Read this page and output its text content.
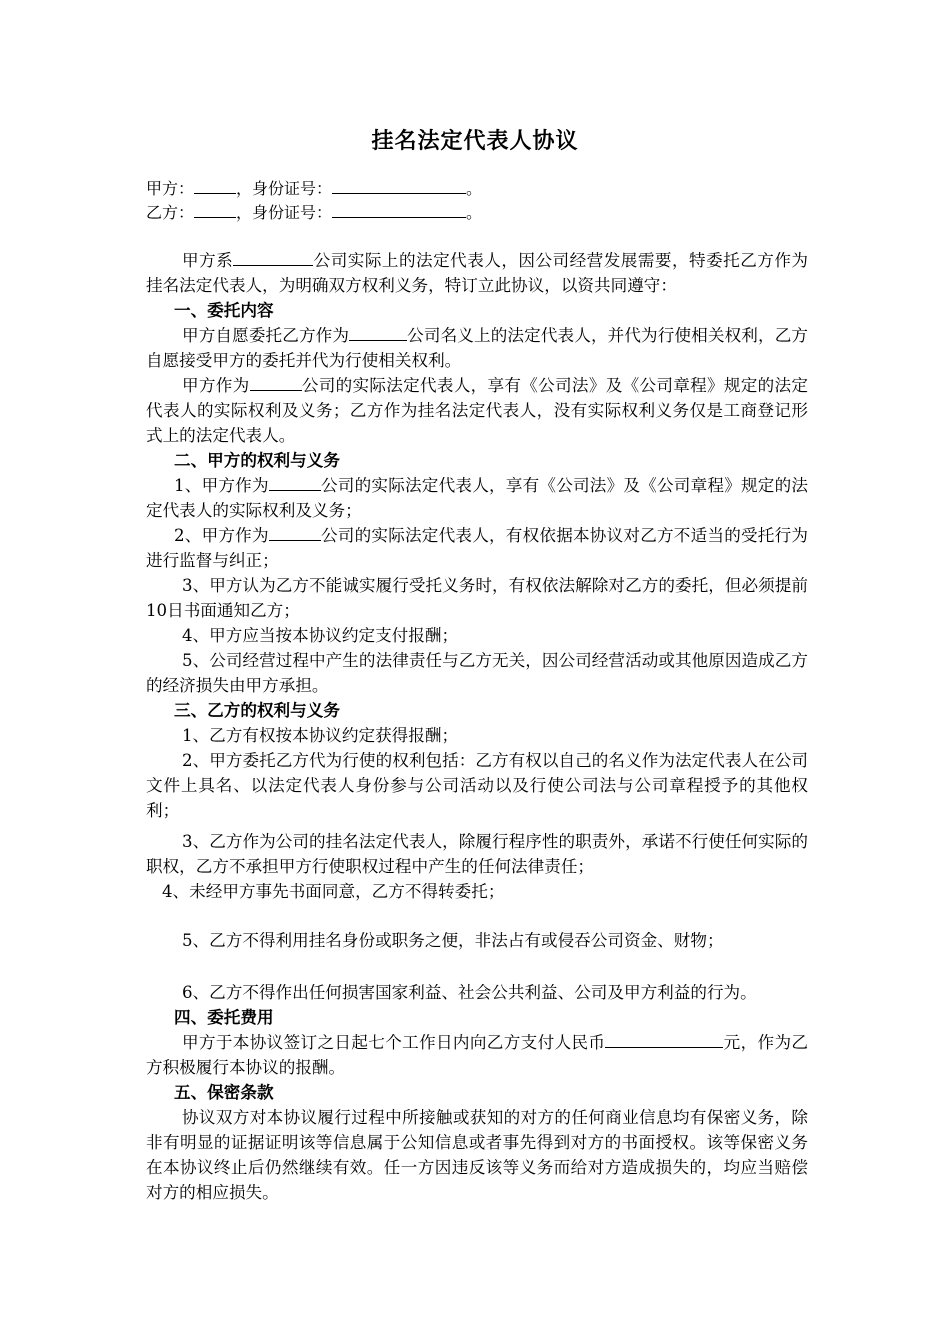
挂名法定代表人协议
甲方：	，身份证号：	。
乙方：	，身份证号：	。

甲方系	公司实际上的法定代表人，因公司经营发展需要，特委托乙方作为挂名法定代表人，为明确双方权利义务，特订立此协议，以资共同遵守：

一、委托内容

甲方自愿委托乙方作为	公司名义上的法定代表人，并代为行使相关权利，乙方自愿接受甲方的委托并代为行使相关权利。

甲方作为	公司的实际法定代表人，享有《公司法》及《公司章程》规定的法定代表人的实际权利及义务；乙方作为挂名法定代表人，没有实际权利义务仅是工商登记形式上的法定代表人。

二、甲方的权利与义务

1、甲方作为	公司的实际法定代表人，享有《公司法》及《公司章程》规定的法定代表人的实际权利及义务；

2、甲方作为	公司的实际法定代表人，有权依据本协议对乙方不适当的受托行为进行监督与纠正；

3、甲方认为乙方不能诚实履行受托义务时，有权依法解除对乙方的委托，但必须提前10日书面通知乙方；

4、甲方应当按本协议约定支付报酬；

5、公司经营过程中产生的法律责任与乙方无关，因公司经营活动或其他原因造成乙方的经济损失由甲方承担。

三、乙方的权利与义务

1、乙方有权按本协议约定获得报酬；

2、甲方委托乙方代为行使的权利包括：乙方有权以自己的名义作为法定代表人在公司文件上具名、以法定代表人身份参与公司活动以及行使公司法与公司章程授予的其他权利；

3、乙方作为公司的挂名法定代表人，除履行程序性的职责外，承诺不行使任何实际的职权，乙方不承担甲方行使职权过程中产生的任何法律责任；

4、未经甲方事先书面同意，乙方不得转委托；

5、乙方不得利用挂名身份或职务之便，非法占有或侵吞公司资金、财物；

6、乙方不得作出任何损害国家利益、社会公共利益、公司及甲方利益的行为。

四、委托费用

甲方于本协议签订之日起七个工作日内向乙方支付人民币	元，作为乙方积极履行本协议的报酬。

五、保密条款

协议双方对本协议履行过程中所接触或获知的对方的任何商业信息均有保密义务，除非有明显的证据证明该等信息属于公知信息或者事先得到对方的书面授权。该等保密义务在本协议终止后仍然继续有效。任一方因违反该等义务而给对方造成损失的，均应当赔偿对方的相应损失。
